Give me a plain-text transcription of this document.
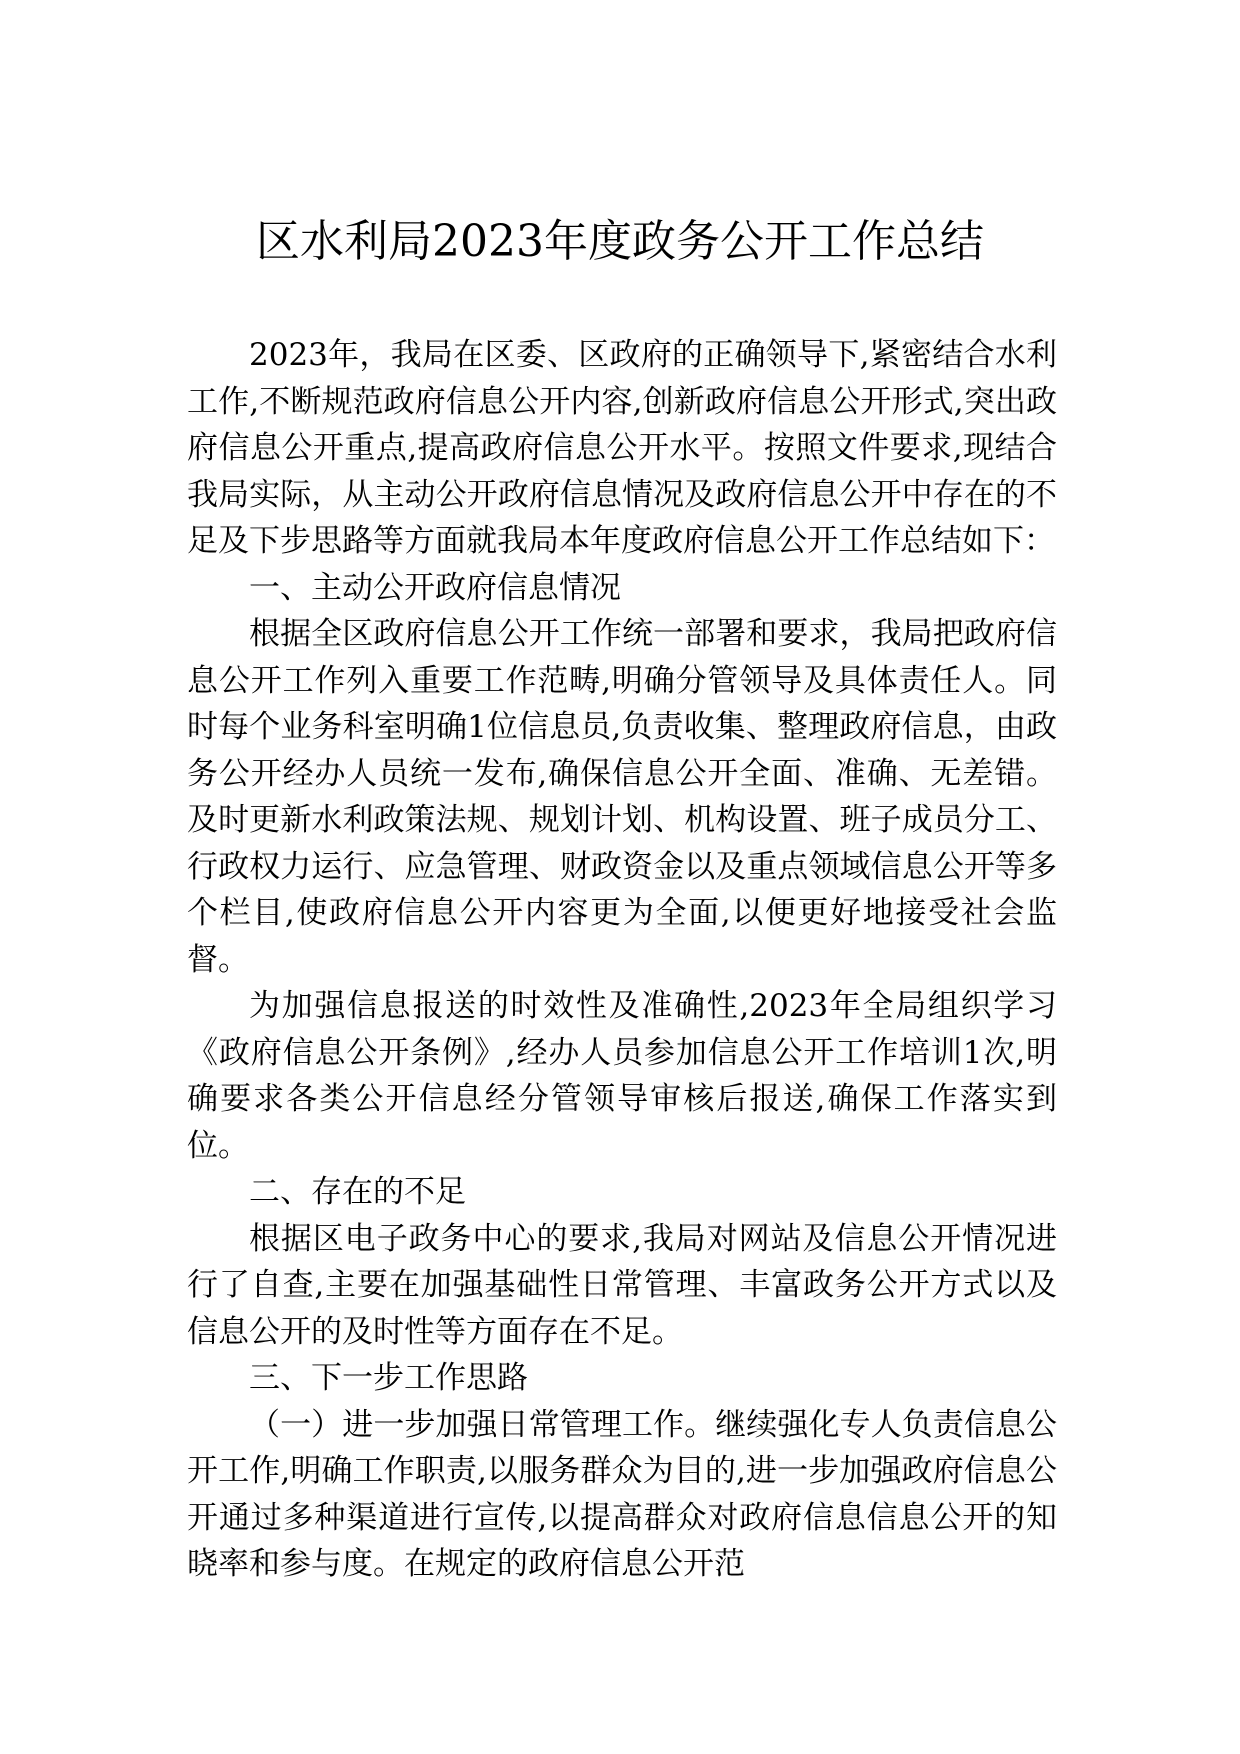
区水利局2023年度政务公开工作总结

2023年，我局在区委、区政府的正确领导下,紧密结合水利工作,不断规范政府信息公开内容,创新政府信息公开形式,突出政府信息公开重点,提高政府信息公开水平。按照文件要求,现结合我局实际，从主动公开政府信息情况及政府信息公开中存在的不足及下步思路等方面就我局本年度政府信息公开工作总结如下：

一、主动公开政府信息情况

根据全区政府信息公开工作统一部署和要求，我局把政府信息公开工作列入重要工作范畴,明确分管领导及具体责任人。同时每个业务科室明确1位信息员,负责收集、整理政府信息，由政务公开经办人员统一发布,确保信息公开全面、准确、无差错。及时更新水利政策法规、规划计划、机构设置、班子成员分工、行政权力运行、应急管理、财政资金以及重点领域信息公开等多个栏目,使政府信息公开内容更为全面,以便更好地接受社会监督。

为加强信息报送的时效性及准确性,2023年全局组织学习《政府信息公开条例》,经办人员参加信息公开工作培训1次,明确要求各类公开信息经分管领导审核后报送,确保工作落实到位。

二、存在的不足

根据区电子政务中心的要求,我局对网站及信息公开情况进行了自查,主要在加强基础性日常管理、丰富政务公开方式以及信息公开的及时性等方面存在不足。

三、下一步工作思路

（一）进一步加强日常管理工作。继续强化专人负责信息公开工作,明确工作职责,以服务群众为目的,进一步加强政府信息公开通过多种渠道进行宣传,以提高群众对政府信息信息公开的知晓率和参与度。在规定的政府信息公开范
